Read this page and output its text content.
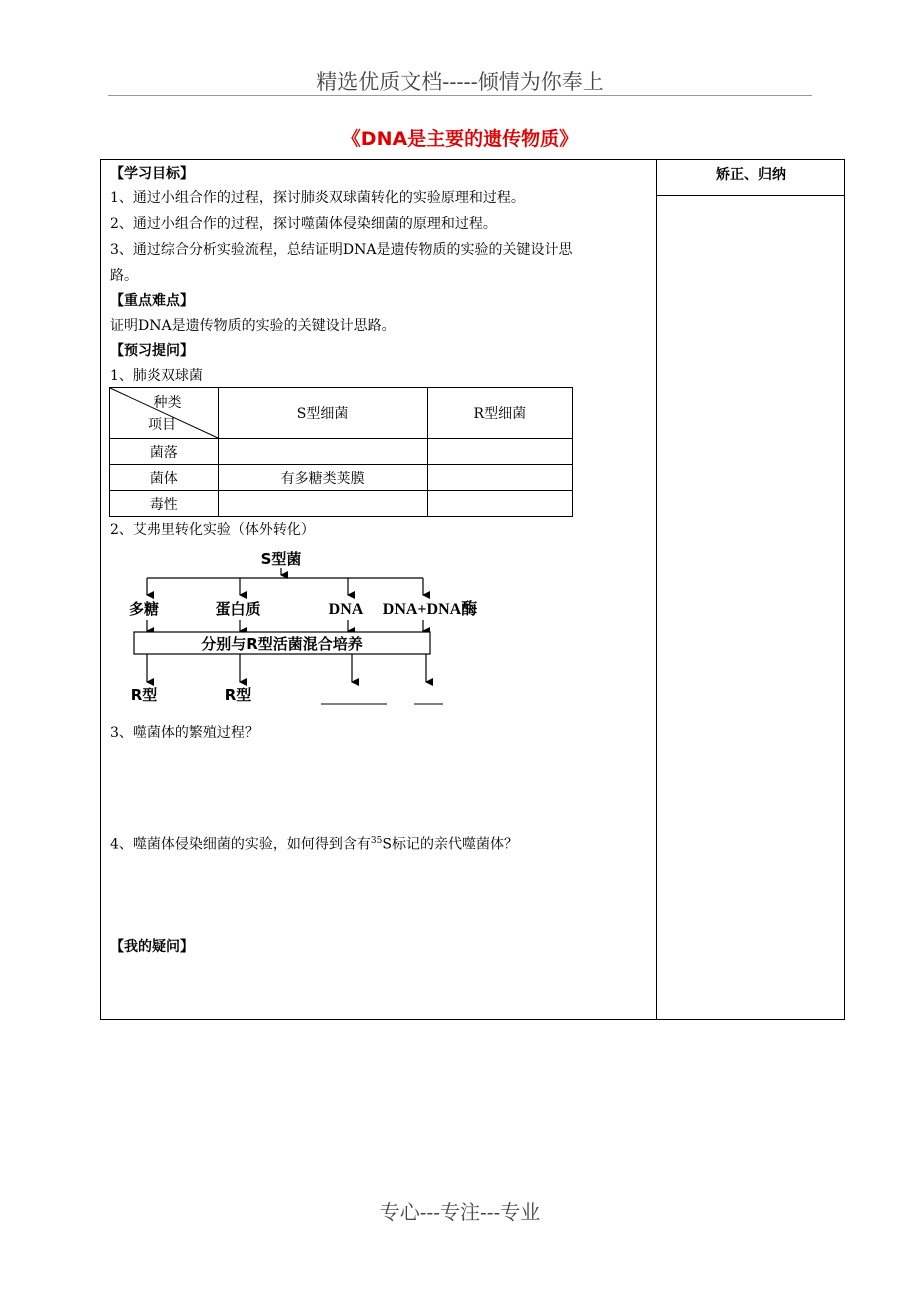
精选优质文档-----倾情为你奉上
《DNA是主要的遗传物质》
矫正、归纳
【学习目标】
1、通过小组合作的过程，探讨肺炎双球菌转化的实验原理和过程。
2、通过小组合作的过程，探讨噬菌体侵染细菌的原理和过程。
3、通过综合分析实验流程，总结证明DNA是遗传物质的实验的关键设计思
路。
【重点难点】
证明DNA是遗传物质的实验的关键设计思路。
【预习提问】
1、肺炎双球菌
种类
项目	S型细菌	R型细菌
菌落		
菌体	有多糖类荚膜	
毒性		
2、艾弗里转化实验（体外转化）
S型菌
多糖	蛋白质	DNA DNA+DNA酶
分别与R型活菌混合培养
R型	R型
3、噬菌体的繁殖过程？
4、噬菌体侵染细菌的实验，如何得到含有$^{35}$S标记的亲代噬菌体？
【我的疑问】
专心---专注---专业
